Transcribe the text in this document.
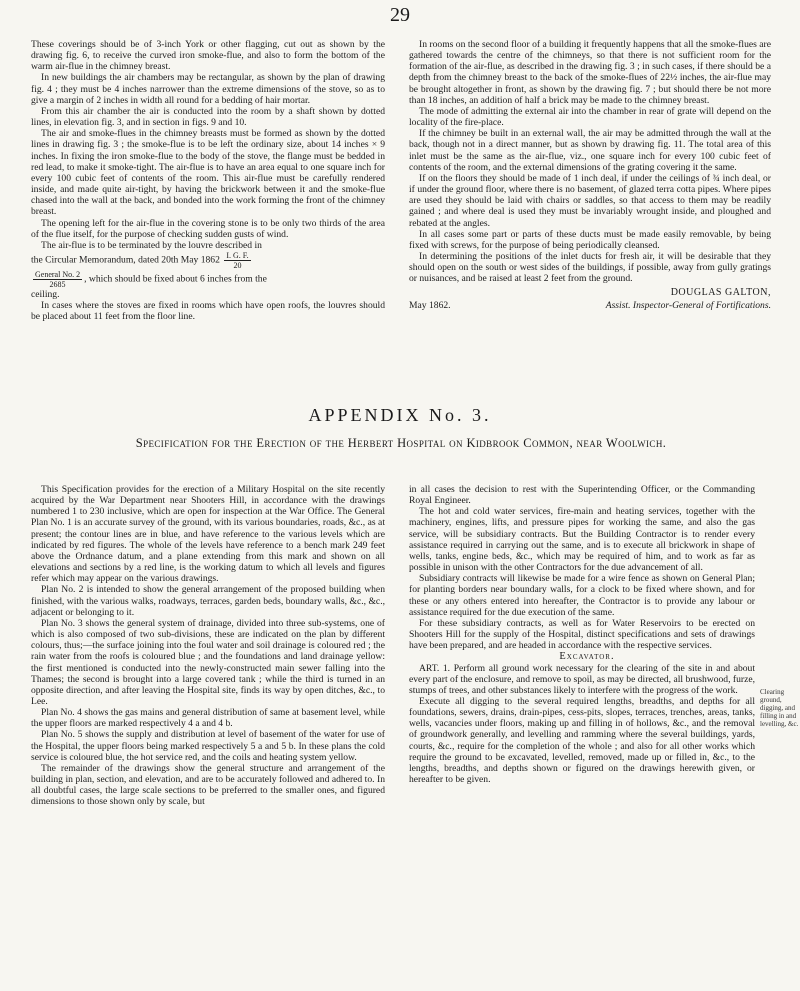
29

These coverings should be of 3-inch York or other flagging, cut out as shown by the drawing fig. 6, to receive the curved iron smoke-flue, and also to form the bottom of the warm air-flue in the chimney breast.

In new buildings the air chambers may be rectangular, as shown by the plan of drawing fig. 4 ; they must be 4 inches narrower than the extreme dimensions of the stove, so as to give a margin of 2 inches in width all round for a bedding of hair mortar.

From this air chamber the air is conducted into the room by a shaft shown by dotted lines, in elevation fig. 3, and in section in figs. 9 and 10.

The air and smoke-flues in the chimney breasts must be formed as shown by the dotted lines in drawing fig. 3 ; the smoke-flue is to be left the ordinary size, about 14 inches × 9 inches. In fixing the iron smoke-flue to the body of the stove, the flange must be bedded in red lead, to make it smoke-tight. The air-flue is to have an area equal to one square inch for every 100 cubic feet of contents of the room. This air-flue must be carefully rendered inside, and made quite air-tight, by having the brickwork between it and the smoke-flue chased into the wall at the back, and bonded into the work forming the front of the chimney breast.

The opening left for the air-flue in the covering stone is to be only two thirds of the area of the flue itself, for the purpose of checking sudden gusts of wind.

The air-flue is to be terminated by the louvre described in

the Circular Memorandum, dated 20th May $1862 \frac{I. G. F.}{20}$

$\frac{\text{General No. 2}}{2685}$ , which should be fixed about 6 inches from the

ceiling.

In cases where the stoves are fixed in rooms which have open roofs, the louvres should be placed about 11 feet from the floor line.

In rooms on the second floor of a building it frequently happens that all the smoke-flues are gathered towards the centre of the chimneys, so that there is not sufficient room for the formation of the air-flue, as described in the drawing fig. 3 ; in such cases, if there should be a depth from the chimney breast to the back of the smoke-flues of 22½ inches, the air-flue may be brought altogether in front, as shown by the drawing fig. 7 ; but should there be not more than 18 inches, an addition of half a brick may be made to the chimney breast.

The mode of admitting the external air into the chamber in rear of grate will depend on the locality of the fire-place.

If the chimney be built in an external wall, the air may be admitted through the wall at the back, though not in a direct manner, but as shown by drawing fig. 11. The total area of this inlet must be the same as the air-flue, viz., one square inch for every 100 cubic feet of contents of the room, and the external dimensions of the grating covering it the same.

If on the floors they should be made of 1 inch deal, if under the ceilings of ¾ inch deal, or if under the ground floor, where there is no basement, of glazed terra cotta pipes. Where pipes are used they should be laid with chairs or saddles, so that access to them may be readily gained ; and where deal is used they must be invariably wrought inside, and ploughed and rebated at the angles.

In all cases some part or parts of these ducts must be made easily removable, by being fixed with screws, for the purpose of being periodically cleansed.

In determining the positions of the inlet ducts for fresh air, it will be desirable that they should open on the south or west sides of the buildings, if possible, away from gully gratings or nuisances, and be raised at least 2 feet from the ground.

DOUGLAS GALTON,
May 1862.	Assist. Inspector-General of Fortifications.
APPENDIX No. 3.
Specification for the Erection of the Herbert Hospital on Kidbrook Common, near Woolwich.

This Specification provides for the erection of a Military Hospital on the site recently acquired by the War Department near Shooters Hill, in accordance with the drawings numbered 1 to 230 inclusive, which are open for inspection at the War Office. The General Plan No. 1 is an accurate survey of the ground, with its various boundaries, roads, &c., as at present; the contour lines are in blue, and have reference to the various levels which are indicated by red figures. The whole of the levels have reference to a bench mark 249 feet above the Ordnance datum, and a plane extending from this mark and shown on all elevations and sections by a red line, is the working datum to which all levels and figures refer which may appear on the various drawings.

Plan No. 2 is intended to show the general arrangement of the proposed building when finished, with the various walks, roadways, terraces, garden beds, boundary walls, &c., &c., adjacent or belonging to it.

Plan No. 3 shows the general system of drainage, divided into three sub-systems, one of which is also composed of two sub-divisions, these are indicated on the plan by different colours, thus;—the surface joining into the foul water and soil drainage is coloured red ; the rain water from the roofs is coloured blue ; and the foundations and land drainage yellow: the first mentioned is conducted into the newly-constructed main sewer falling into the Thames; the second is brought into a large covered tank ; while the third is turned in an opposite direction, and after leaving the Hospital site, finds its way by open ditches, &c., to Lee.

Plan No. 4 shows the gas mains and general distribution of same at basement level, while the upper floors are marked respectively 4 a and 4 b.

Plan No. 5 shows the supply and distribution at level of basement of the water for use of the Hospital, the upper floors being marked respectively 5 a and 5 b. In these plans the cold service is coloured blue, the hot service red, and the coils and heating system yellow.

The remainder of the drawings show the general structure and arrangement of the building in plan, section, and elevation, and are to be accurately followed and adhered to. In all doubtful cases, the large scale sections to be preferred to the smaller ones, and figured dimensions to those shown only by scale, but

in all cases the decision to rest with the Superintending Officer, or the Commanding Royal Engineer.

The hot and cold water services, fire-main and heating services, together with the machinery, engines, lifts, and pressure pipes for working the same, and also the gas service, will be subsidiary contracts. But the Building Contractor is to render every assistance required in carrying out the same, and is to execute all brickwork in shape of wells, tanks, engine beds, &c., which may be required of him, and to work as far as possible in unison with the other Contractors for the due advancement of all.

Subsidiary contracts will likewise be made for a wire fence as shown on General Plan; for planting borders near boundary walls, for a clock to be fixed where shown, and for these or any others entered into hereafter, the Contractor is to provide any labour or assistance required for the due execution of the same.

For these subsidiary contracts, as well as for Water Reservoirs to be erected on Shooters Hill for the supply of the Hospital, distinct specifications and sets of drawings have been prepared, and are headed in accordance with the respective services.

Excavator.

ART. 1. Perform all ground work necessary for the clearing of the site in and about every part of the enclosure, and remove to spoil, as may be directed, all brushwood, furze, stumps of trees, and other substances likely to interfere with the progress of the work.

Execute all digging to the several required lengths, breadths, and depths for all foundations, sewers, drains, drain-pipes, cess-pits, slopes, terraces, trenches, areas, tanks, wells, vacancies under floors, making up and filling in of hollows, &c., and the removal of groundwork generally, and levelling and ramming where the several buildings, yards, courts, &c., require for the completion of the whole ; and also for all other works which require the ground to be excavated, levelled, removed, made up or filled in, &c., to the lengths, breadths, and depths shown or figured on the drawings herewith given, or hereafter to be given.

Clearing ground, digging, and filling in and levelling, &c.
